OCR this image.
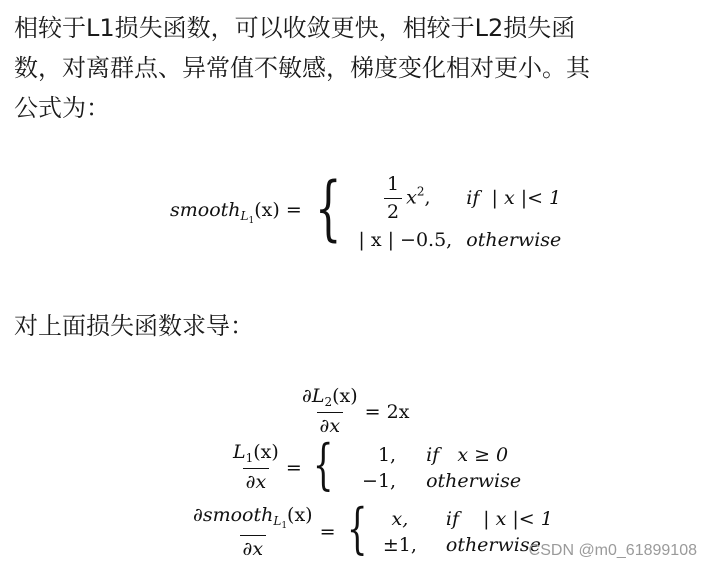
相较于L1损失函数，可以收敛更快，相较于L2损失函
数，对离群点、异常值不敏感，梯度变化相对更小。其
公式为：
smooth$_{L_1}$(x) = { $\frac{1}{2} x^2$,	if | x |< 1
| x | −0.5, otherwise
对上面损失函数求导：
$\frac{\partial L_2(x)}{\partial x} = 2x$
$\frac{L_1(x)}{\partial x}$ = {	1, if x ≥ 0
−1, otherwise
$\frac{\partial smooth_{L_1}(x)}{\partial x}$ = {	x,	if | x |< 1
±1, otherwise
CSDN @m0_61899108
